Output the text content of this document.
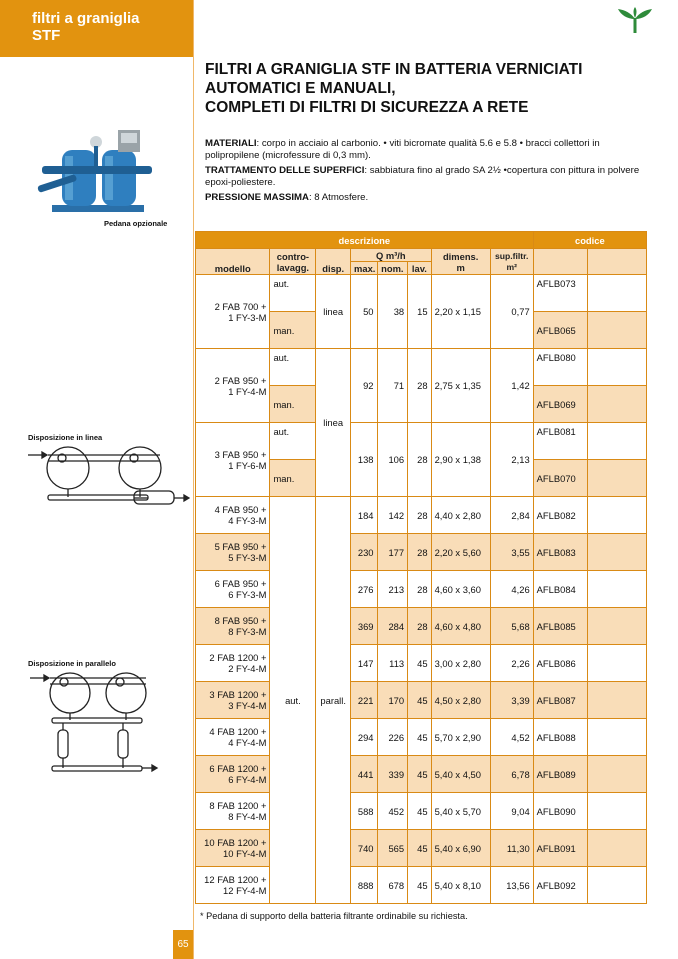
filtri a graniglia
STF
FILTRI A GRANIGLIA STF IN BATTERIA VERNICIATI
AUTOMATICI E MANUALI,
COMPLETI DI FILTRI DI SICUREZZA A RETE

MATERIALI: corpo in acciaio al carbonio. • viti bicromate qualità 5.6 e 5.8 • bracci collettori in polipropilene (microfessure di 0,3 mm).

TRATTAMENTO DELLE SUPERFICI: sabbiatura fino al grado SA 2½ •copertura con pittura in polvere epoxi-poliestere.

PRESSIONE MASSIMA: 8 Atmosfere.

Pedana opzionale
Disposizione in linea
Disposizione in parallelo
descrizione								codice	
modello	contro-
lavagg.	disp.	Q m³/h			dimens.
m	sup.filtr.
m²		
			max.	nom.	lav.				
2 FAB 700 +
1 FY-3-M	aut.	linea	50	38	15	2,20 x 1,15	0,77	AFLB073	
	man.							AFLB065	
2 FAB 950 +
1 FY-4-M	aut.	linea	92	71	28	2,75 x 1,35	1,42	AFLB080	
	man.							AFLB069	
3 FAB 950 +
1 FY-6-M	aut.		138	106	28	2,90 x 1,38	2,13	AFLB081	
	man.							AFLB070	
4 FAB 950 +
4 FY-3-M	aut.	parall.	184	142	28	4,40 x 2,80	2,84	AFLB082	
5 FAB 950 +
5 FY-3-M			230	177	28	2,20 x 5,60	3,55	AFLB083	
6 FAB 950 +
6 FY-3-M			276	213	28	4,60 x 3,60	4,26	AFLB084	
8 FAB 950 +
8 FY-3-M			369	284	28	4,60 x 4,80	5,68	AFLB085	
2 FAB 1200 +
2 FY-4-M			147	113	45	3,00 x 2,80	2,26	AFLB086	
3 FAB 1200 +
3 FY-4-M			221	170	45	4,50 x 2,80	3,39	AFLB087	
4 FAB 1200 +
4 FY-4-M			294	226	45	5,70 x 2,90	4,52	AFLB088	
6 FAB 1200 +
6 FY-4-M			441	339	45	5,40 x 4,50	6,78	AFLB089	
8 FAB 1200 +
8 FY-4-M			588	452	45	5,40 x 5,70	9,04	AFLB090	
10 FAB 1200 +
10 FY-4-M			740	565	45	5,40 x 6,90	11,30	AFLB091	
12 FAB 1200 +
12 FY-4-M			888	678	45	5,40 x 8,10	13,56	AFLB092	
* Pedana di supporto della batteria filtrante ordinabile su richiesta.
65
